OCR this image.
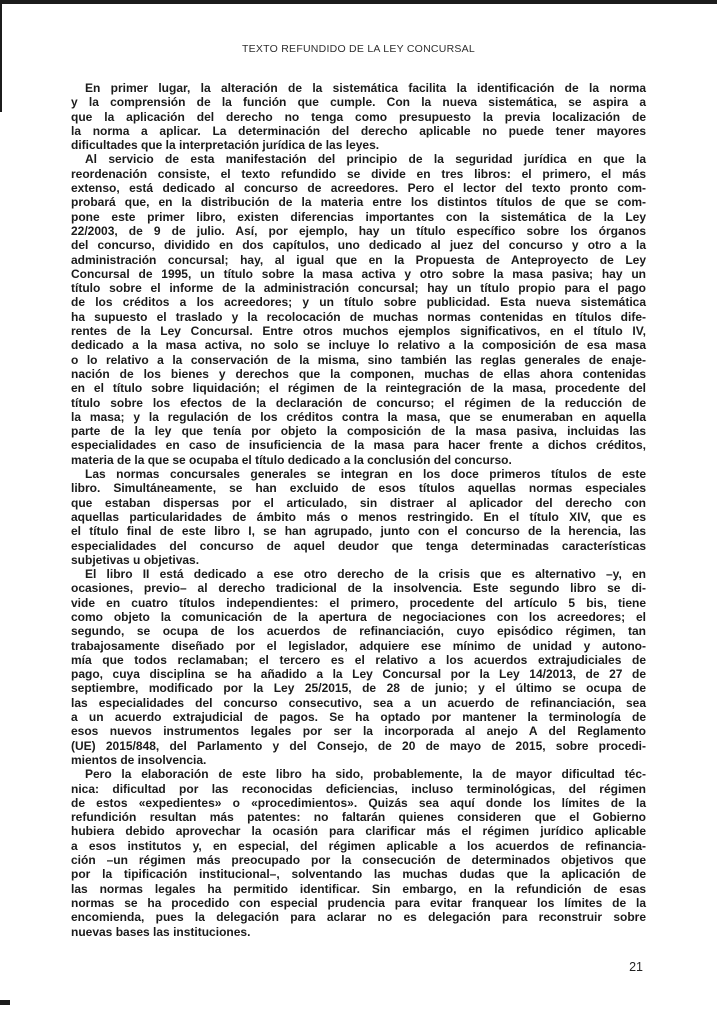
TEXTO REFUNDIDO DE LA LEY CONCURSAL
En primer lugar, la alteración de la sistemática facilita la identificación de la norma
y la comprensión de la función que cumple. Con la nueva sistemática, se aspira a
que la aplicación del derecho no tenga como presupuesto la previa localización de
la norma a aplicar. La determinación del derecho aplicable no puede tener mayores
dificultades que la interpretación jurídica de las leyes.
Al servicio de esta manifestación del principio de la seguridad jurídica en que la
reordenación consiste, el texto refundido se divide en tres libros: el primero, el más
extenso, está dedicado al concurso de acreedores. Pero el lector del texto pronto com-
probará que, en la distribución de la materia entre los distintos títulos de que se com-
pone este primer libro, existen diferencias importantes con la sistemática de la Ley
22/2003, de 9 de julio. Así, por ejemplo, hay un título específico sobre los órganos
del concurso, dividido en dos capítulos, uno dedicado al juez del concurso y otro a la
administración concursal; hay, al igual que en la Propuesta de Anteproyecto de Ley
Concursal de 1995, un título sobre la masa activa y otro sobre la masa pasiva; hay un
título sobre el informe de la administración concursal; hay un título propio para el pago
de los créditos a los acreedores; y un título sobre publicidad. Esta nueva sistemática
ha supuesto el traslado y la recolocación de muchas normas contenidas en títulos dife-
rentes de la Ley Concursal. Entre otros muchos ejemplos significativos, en el título IV,
dedicado a la masa activa, no solo se incluye lo relativo a la composición de esa masa
o lo relativo a la conservación de la misma, sino también las reglas generales de enaje-
nación de los bienes y derechos que la componen, muchas de ellas ahora contenidas
en el título sobre liquidación; el régimen de la reintegración de la masa, procedente del
título sobre los efectos de la declaración de concurso; el régimen de la reducción de
la masa; y la regulación de los créditos contra la masa, que se enumeraban en aquella
parte de la ley que tenía por objeto la composición de la masa pasiva, incluidas las
especialidades en caso de insuficiencia de la masa para hacer frente a dichos créditos,
materia de la que se ocupaba el título dedicado a la conclusión del concurso.
Las normas concursales generales se integran en los doce primeros títulos de este
libro. Simultáneamente, se han excluido de esos títulos aquellas normas especiales
que estaban dispersas por el articulado, sin distraer al aplicador del derecho con
aquellas particularidades de ámbito más o menos restringido. En el título XIV, que es
el título final de este libro I, se han agrupado, junto con el concurso de la herencia, las
especialidades del concurso de aquel deudor que tenga determinadas características
subjetivas u objetivas.
El libro II está dedicado a ese otro derecho de la crisis que es alternativo –y, en
ocasiones, previo– al derecho tradicional de la insolvencia. Este segundo libro se di-
vide en cuatro títulos independientes: el primero, procedente del artículo 5 bis, tiene
como objeto la comunicación de la apertura de negociaciones con los acreedores; el
segundo, se ocupa de los acuerdos de refinanciación, cuyo episódico régimen, tan
trabajosamente diseñado por el legislador, adquiere ese mínimo de unidad y autono-
mía que todos reclamaban; el tercero es el relativo a los acuerdos extrajudiciales de
pago, cuya disciplina se ha añadido a la Ley Concursal por la Ley 14/2013, de 27 de
septiembre, modificado por la Ley 25/2015, de 28 de junio; y el último se ocupa de
las especialidades del concurso consecutivo, sea a un acuerdo de refinanciación, sea
a un acuerdo extrajudicial de pagos. Se ha optado por mantener la terminología de
esos nuevos instrumentos legales por ser la incorporada al anejo A del Reglamento
(UE) 2015/848, del Parlamento y del Consejo, de 20 de mayo de 2015, sobre procedi-
mientos de insolvencia.
Pero la elaboración de este libro ha sido, probablemente, la de mayor dificultad téc-
nica: dificultad por las reconocidas deficiencias, incluso terminológicas, del régimen
de estos «expedientes» o «procedimientos». Quizás sea aquí donde los límites de la
refundición resultan más patentes: no faltarán quienes consideren que el Gobierno
hubiera debido aprovechar la ocasión para clarificar más el régimen jurídico aplicable
a esos institutos y, en especial, del régimen aplicable a los acuerdos de refinancia-
ción –un régimen más preocupado por la consecución de determinados objetivos que
por la tipificación institucional–, solventando las muchas dudas que la aplicación de
las normas legales ha permitido identificar. Sin embargo, en la refundición de esas
normas se ha procedido con especial prudencia para evitar franquear los límites de la
encomienda, pues la delegación para aclarar no es delegación para reconstruir sobre
nuevas bases las instituciones.
21
